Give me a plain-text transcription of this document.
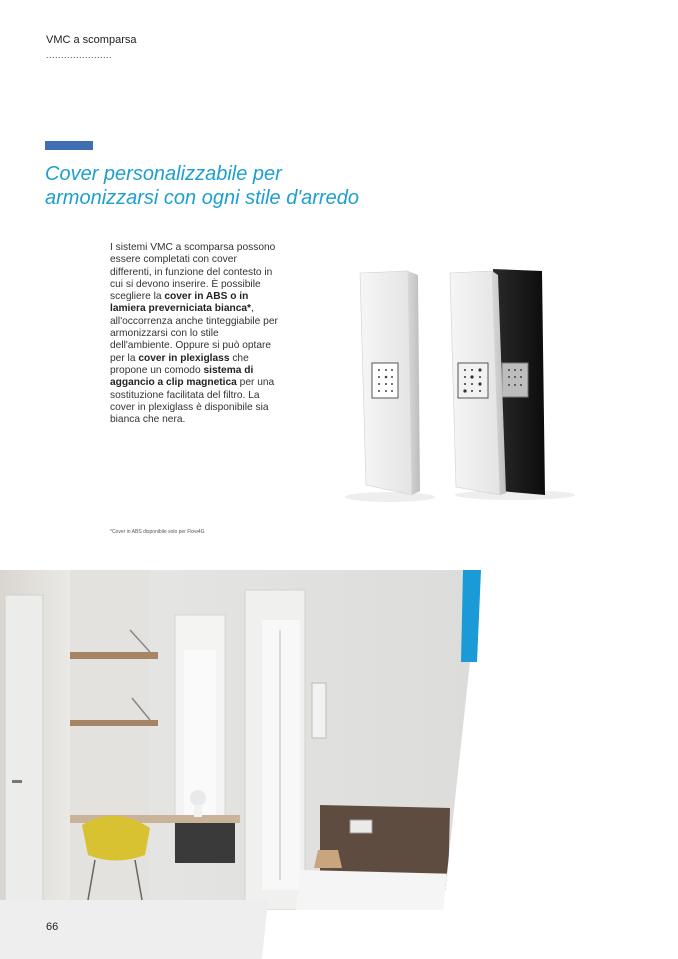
VMC a scomparsa
......................
Cover personalizzabile per
armonizzarsi con ogni stile d'arredo
I sistemi VMC a scomparsa possono essere completati con cover differenti, in funzione del contesto in cui si devono inserire. È possibile scegliere la cover in ABS o in lamiera preverniciata bianca*, all'occorrenza anche tinteggiabile per armonizzarsi con lo stile dell'ambiente. Oppure si può optare per la cover in plexiglass che propone un comodo sistema di aggancio a clip magnetica per una sostituzione facilitata del filtro. La cover in plexiglass è disponibile sia bianca che nera.
*Cover in ABS disponibile solo per Flow4G
66
